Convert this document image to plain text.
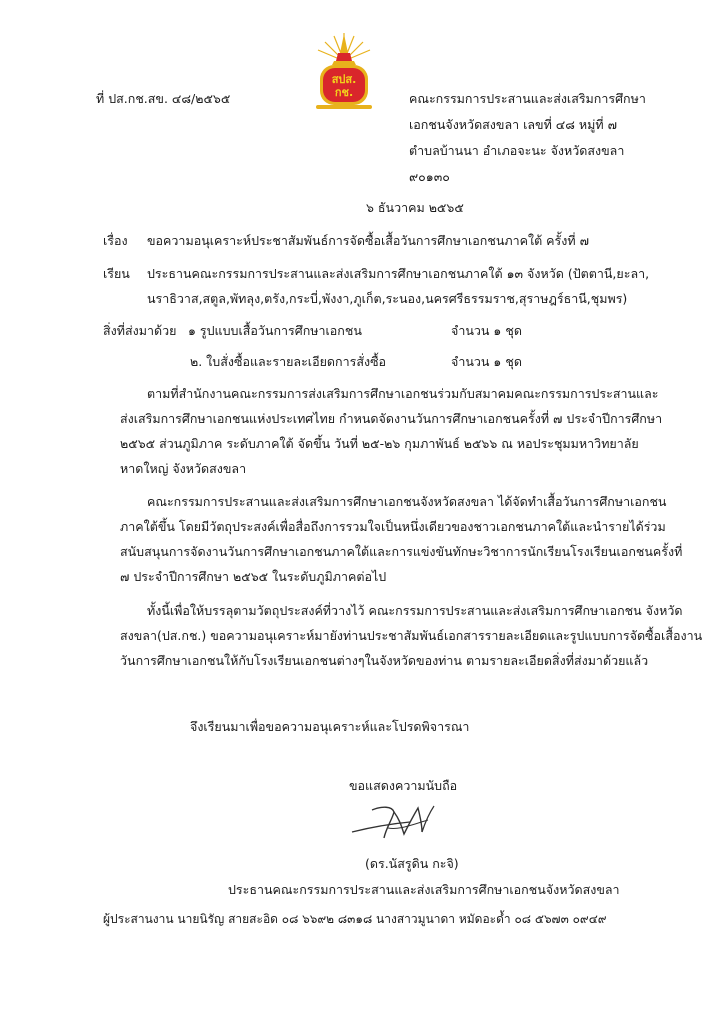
สปส.
กช.
ที่ ปส.กช.สข. ๔๘/๒๕๖๕	คณะกรรมการประสานและส่งเสริมการศึกษา
เอกชนจังหวัดสงขลา เลขที่ ๔๘ หมู่ที่ ๗
ตำบลบ้านนา อำเภอจะนะ จังหวัดสงขลา
๙๐๑๓๐
๖ ธันวาคม ๒๕๖๕
เรื่อง ขอความอนุเคราะห์ประชาสัมพันธ์การจัดซื้อเสื้อวันการศึกษาเอกชนภาคใต้ ครั้งที่ ๗
เรียน ประธานคณะกรรมการประสานและส่งเสริมการศึกษาเอกชนภาคใต้ ๑๓ จังหวัด (ปัตตานี,ยะลา,
นราธิวาส,สตูล,พัทลุง,ตรัง,กระบี่,พังงา,ภูเก็ต,ระนอง,นครศรีธรรมราช,สุราษฎร์ธานี,ชุมพร)
สิ่งที่ส่งมาด้วย ๑ รูปแบบเสื้อวันการศึกษาเอกชน	จำนวน ๑ ชุด
๒. ใบสั่งซื้อและรายละเอียดการสั่งซื้อ	จำนวน ๑ ชุด
ตามที่สำนักงานคณะกรรมการส่งเสริมการศึกษาเอกชนร่วมกับสมาคมคณะกรรมการประสานและ
ส่งเสริมการศึกษาเอกชนแห่งประเทศไทย กำหนดจัดงานวันการศึกษาเอกชนครั้งที่ ๗ ประจำปีการศึกษา
๒๕๖๕ ส่วนภูมิภาค ระดับภาคใต้ จัดขึ้น วันที่ ๒๕-๒๖ กุมภาพันธ์ ๒๕๖๖ ณ หอประชุมมหาวิทยาลัย
หาดใหญ่ จังหวัดสงขลา
คณะกรรมการประสานและส่งเสริมการศึกษาเอกชนจังหวัดสงขลา ได้จัดทำเสื้อวันการศึกษาเอกชน
ภาคใต้ขึ้น โดยมีวัตถุประสงค์เพื่อสื่อถึงการรวมใจเป็นหนึ่งเดียวของชาวเอกชนภาคใต้และนำรายได้ร่วม
สนับสนุนการจัดงานวันการศึกษาเอกชนภาคใต้และการแข่งขันทักษะวิชาการนักเรียนโรงเรียนเอกชนครั้งที่
๗ ประจำปีการศึกษา ๒๕๖๕ ในระดับภูมิภาคต่อไป
ทั้งนี้เพื่อให้บรรลุตามวัตถุประสงค์ที่วางไว้ คณะกรรมการประสานและส่งเสริมการศึกษาเอกชน จังหวัด
สงขลา(ปส.กช.) ขอความอนุเคราะห์มายังท่านประชาสัมพันธ์เอกสารรายละเอียดและรูปแบบการจัดซื้อเสื้องาน
วันการศึกษาเอกชนให้กับโรงเรียนเอกชนต่างๆในจังหวัดของท่าน ตามรายละเอียดสิ่งที่ส่งมาด้วยแล้ว
จึงเรียนมาเพื่อขอความอนุเคราะห์และโปรดพิจารณา
ขอแสดงความนับถือ
(ดร.นัสรูดิน กะจิ)
ประธานคณะกรรมการประสานและส่งเสริมการศึกษาเอกชนจังหวัดสงขลา
ผู้ประสานงาน นายนิรัญ สายสะอิด ๐๘ ๖๖๙๒ ๘๓๑๘ นางสาวมูนาดา หมัดอะด้ำ ๐๘ ๕๖๗๓ ๐๙๔๙
